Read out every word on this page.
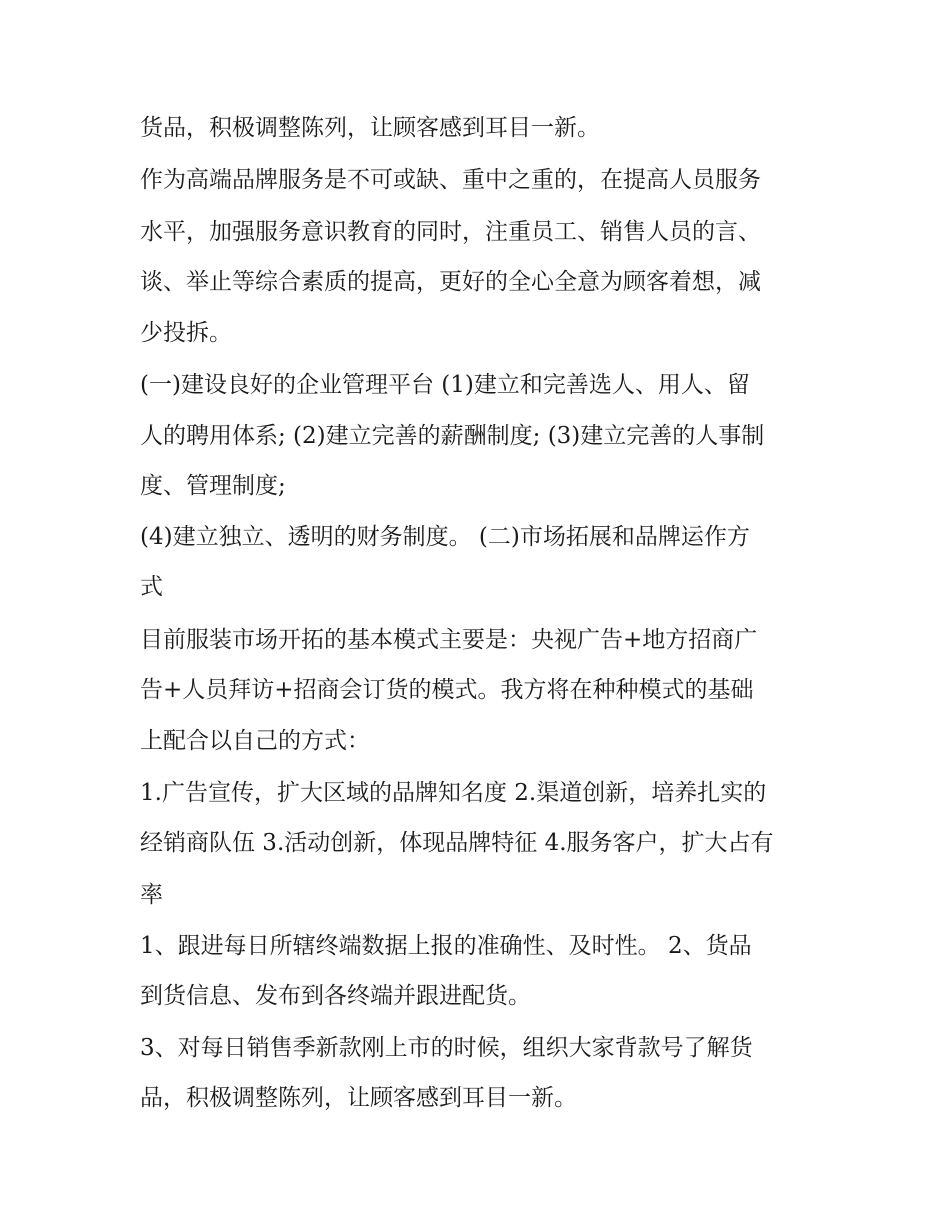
货品，积极调整陈列，让顾客感到耳目一新。
作为高端品牌服务是不可或缺、重中之重的，在提高人员服务
水平，加强服务意识教育的同时，注重员工、销售人员的言、
谈、举止等综合素质的提高，更好的全心全意为顾客着想，减
少投拆。
(一)建设良好的企业管理平台 (1)建立和完善选人、用人、留
人的聘用体系; (2)建立完善的薪酬制度; (3)建立完善的人事制
度、管理制度;
(4)建立独立、透明的财务制度。 (二)市场拓展和品牌运作方
式
目前服装市场开拓的基本模式主要是：央视广告+地方招商广
告+人员拜访+招商会订货的模式。我方将在种种模式的基础
上配合以自己的方式：
1.广告宣传，扩大区域的品牌知名度 2.渠道创新，培养扎实的
经销商队伍 3.活动创新，体现品牌特征 4.服务客户，扩大占有
率
1、跟进每日所辖终端数据上报的准确性、及时性。 2、货品
到货信息、发布到各终端并跟进配货。
3、对每日销售季新款刚上市的时候，组织大家背款号了解货
品，积极调整陈列，让顾客感到耳目一新。
